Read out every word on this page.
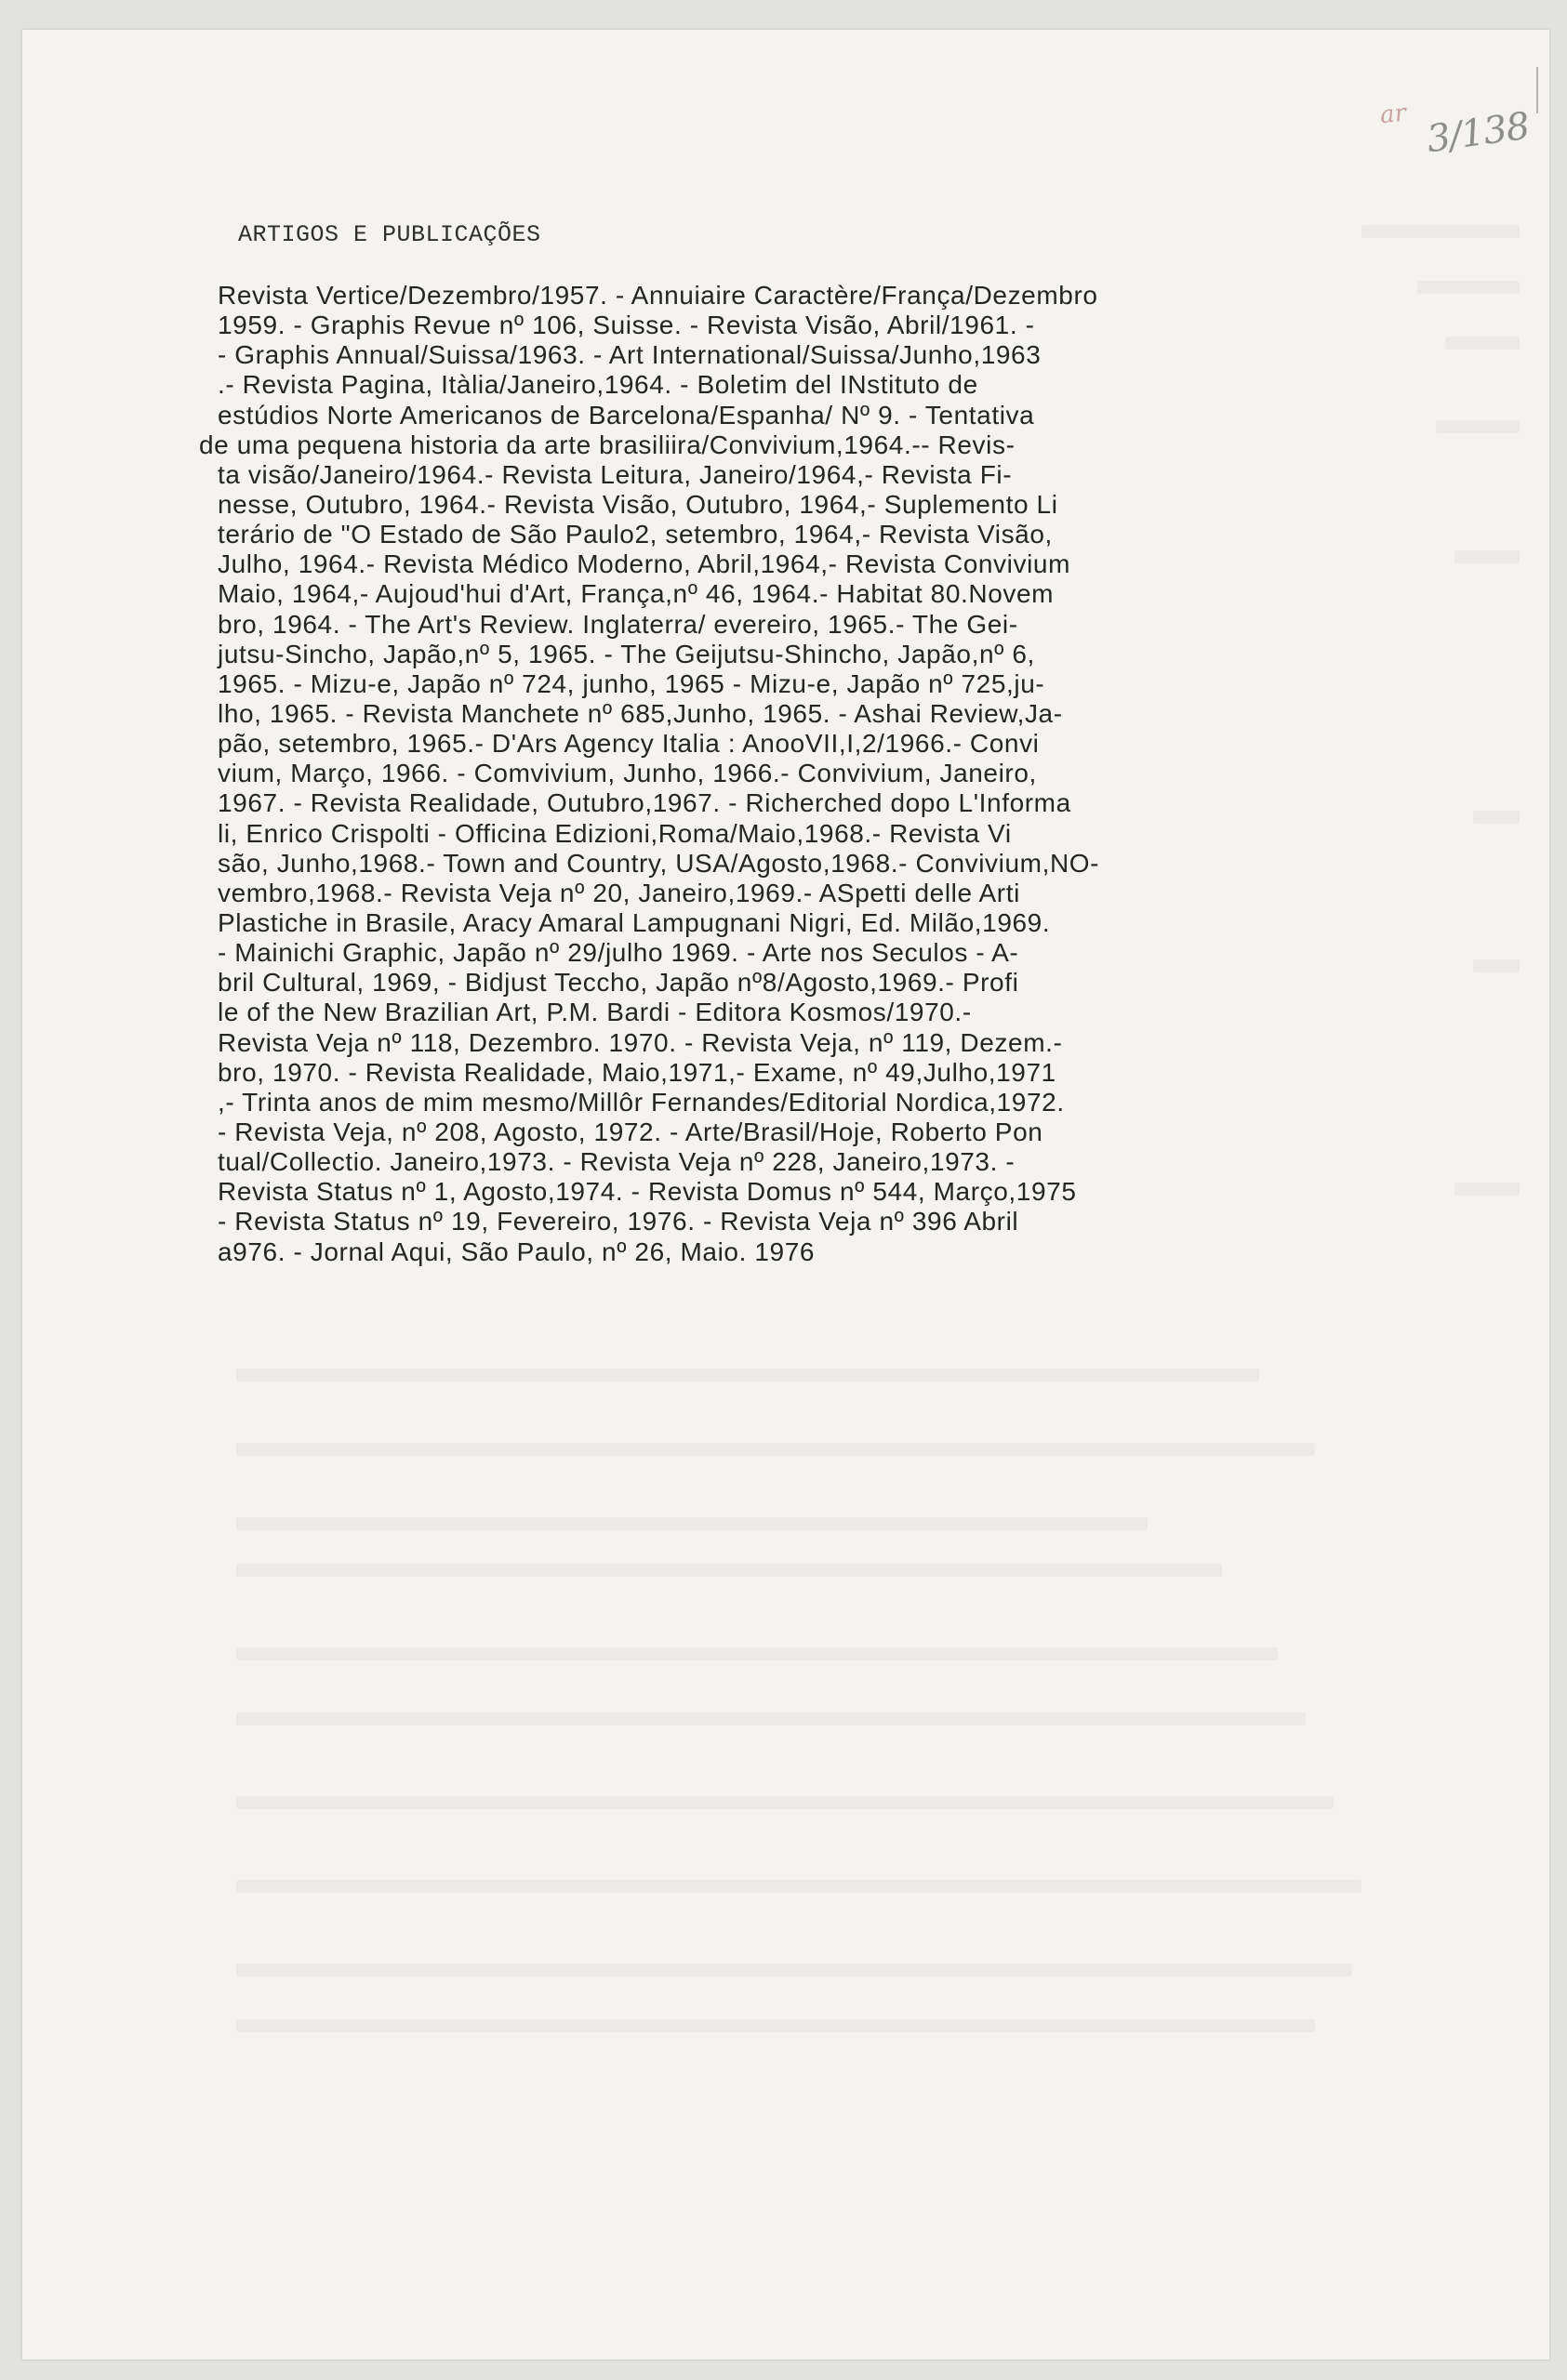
ar 3/138
ARTIGOS E PUBLICAÇÕES
Revista Vertice/Dezembro/1957. - Annuiaire Caractère/França/Dezembro
1959. - Graphis Revue nº 106, Suisse. - Revista Visão, Abril/1961. -
- Graphis Annual/Suissa/1963. - Art International/Suissa/Junho,1963
.- Revista Pagina, Itàlia/Janeiro,1964. - Boletim del INstituto de
estúdios Norte Americanos de Barcelona/Espanha/ Nº 9. - Tentativa
de uma pequena historia da arte brasiliira/Convivium,1964.-- Revis-
ta visão/Janeiro/1964.- Revista Leitura, Janeiro/1964,- Revista Fi-
nesse, Outubro, 1964.- Revista Visão, Outubro, 1964,- Suplemento Li
terário de "O Estado de São Paulo2, setembro, 1964,- Revista Visão,
Julho, 1964.- Revista Médico Moderno, Abril,1964,- Revista Convivium
Maio, 1964,- Aujoud'hui d'Art, França,nº 46, 1964.- Habitat 80.Novem
bro, 1964. - The Art's Review. Inglaterra/ evereiro, 1965.- The Gei-
jutsu-Sincho, Japão,nº 5, 1965. - The Geijutsu-Shincho, Japão,nº 6,
1965. - Mizu-e, Japão nº 724, junho, 1965 - Mizu-e, Japão nº 725,ju-
lho, 1965. - Revista Manchete nº 685,Junho, 1965. - Ashai Review,Ja-
pão, setembro, 1965.- D'Ars Agency Italia : AnooVII,I,2/1966.- Convi
vium, Março, 1966. - Comvivium, Junho, 1966.- Convivium, Janeiro,
1967. - Revista Realidade, Outubro,1967. - Richerched dopo L'Informa
li, Enrico Crispolti - Officina Edizioni,Roma/Maio,1968.- Revista Vi
são, Junho,1968.- Town and Country, USA/Agosto,1968.- Convivium,NO-
vembro,1968.- Revista Veja nº 20, Janeiro,1969.- ASpetti delle Arti
Plastiche in Brasile, Aracy Amaral Lampugnani Nigri, Ed. Milão,1969.
- Mainichi Graphic, Japão nº 29/julho 1969. - Arte nos Seculos - A-
bril Cultural, 1969, - Bidjust Teccho, Japão nº8/Agosto,1969.- Profi
le of the New Brazilian Art, P.M. Bardi - Editora Kosmos/1970.-
Revista Veja nº 118, Dezembro. 1970. - Revista Veja, nº 119, Dezem.-
bro, 1970. - Revista Realidade, Maio,1971,- Exame, nº 49,Julho,1971
,- Trinta anos de mim mesmo/Millôr Fernandes/Editorial Nordica,1972.
- Revista Veja, nº 208, Agosto, 1972. - Arte/Brasil/Hoje, Roberto Pon
tual/Collectio. Janeiro,1973. - Revista Veja nº 228, Janeiro,1973. -
Revista Status nº 1, Agosto,1974. - Revista Domus nº 544, Março,1975
- Revista Status nº 19, Fevereiro, 1976. - Revista Veja nº 396 Abril
a976. - Jornal Aqui, São Paulo, nº 26, Maio. 1976
